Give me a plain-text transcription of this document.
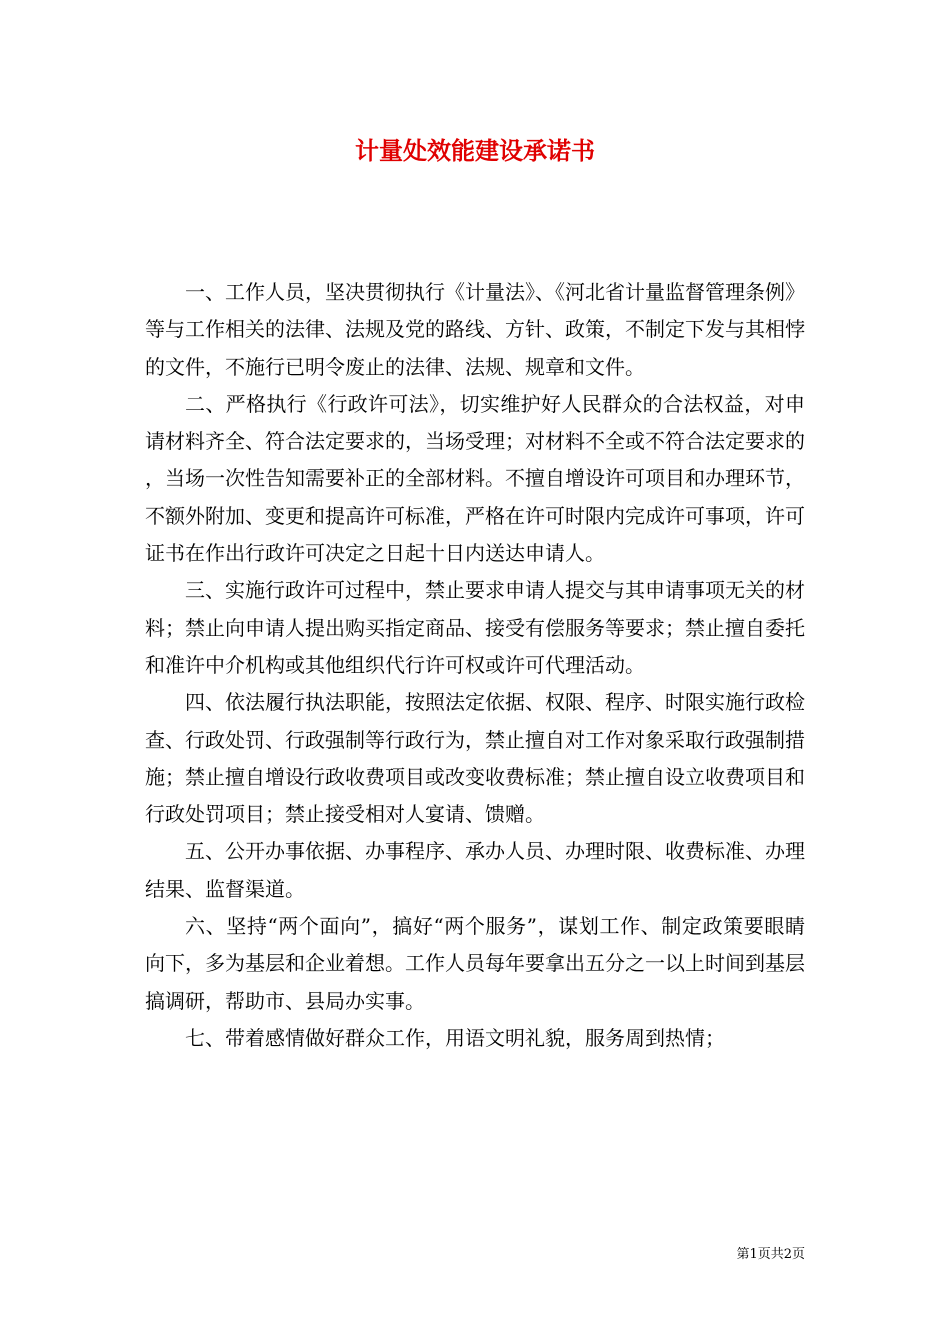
计量处效能建设承诺书

一、工作人员，坚决贯彻执行《计量法》、《河北省计量监督管理条例》等与工作相关的法律、法规及党的路线、方针、政策，不制定下发与其相悖的文件，不施行已明令废止的法律、法规、规章和文件。

二、严格执行《行政许可法》，切实维护好人民群众的合法权益，对申请材料齐全、符合法定要求的，当场受理；对材料不全或不符合法定要求的，当场一次性告知需要补正的全部材料。不擅自增设许可项目和办理环节，不额外附加、变更和提高许可标准，严格在许可时限内完成许可事项，许可证书在作出行政许可决定之日起十日内送达申请人。

三、实施行政许可过程中，禁止要求申请人提交与其申请事项无关的材料；禁止向申请人提出购买指定商品、接受有偿服务等要求；禁止擅自委托和准许中介机构或其他组织代行许可权或许可代理活动。

四、依法履行执法职能，按照法定依据、权限、程序、时限实施行政检查、行政处罚、行政强制等行政行为，禁止擅自对工作对象采取行政强制措施；禁止擅自增设行政收费项目或改变收费标准；禁止擅自设立收费项目和行政处罚项目；禁止接受相对人宴请、馈赠。

五、公开办事依据、办事程序、承办人员、办理时限、收费标准、办理结果、监督渠道。

六、坚持“两个面向”，搞好“两个服务”，谋划工作、制定政策要眼睛向下，多为基层和企业着想。工作人员每年要拿出五分之一以上时间到基层搞调研，帮助市、县局办实事。

七、带着感情做好群众工作，用语文明礼貌，服务周到热情；

第1页共2页
